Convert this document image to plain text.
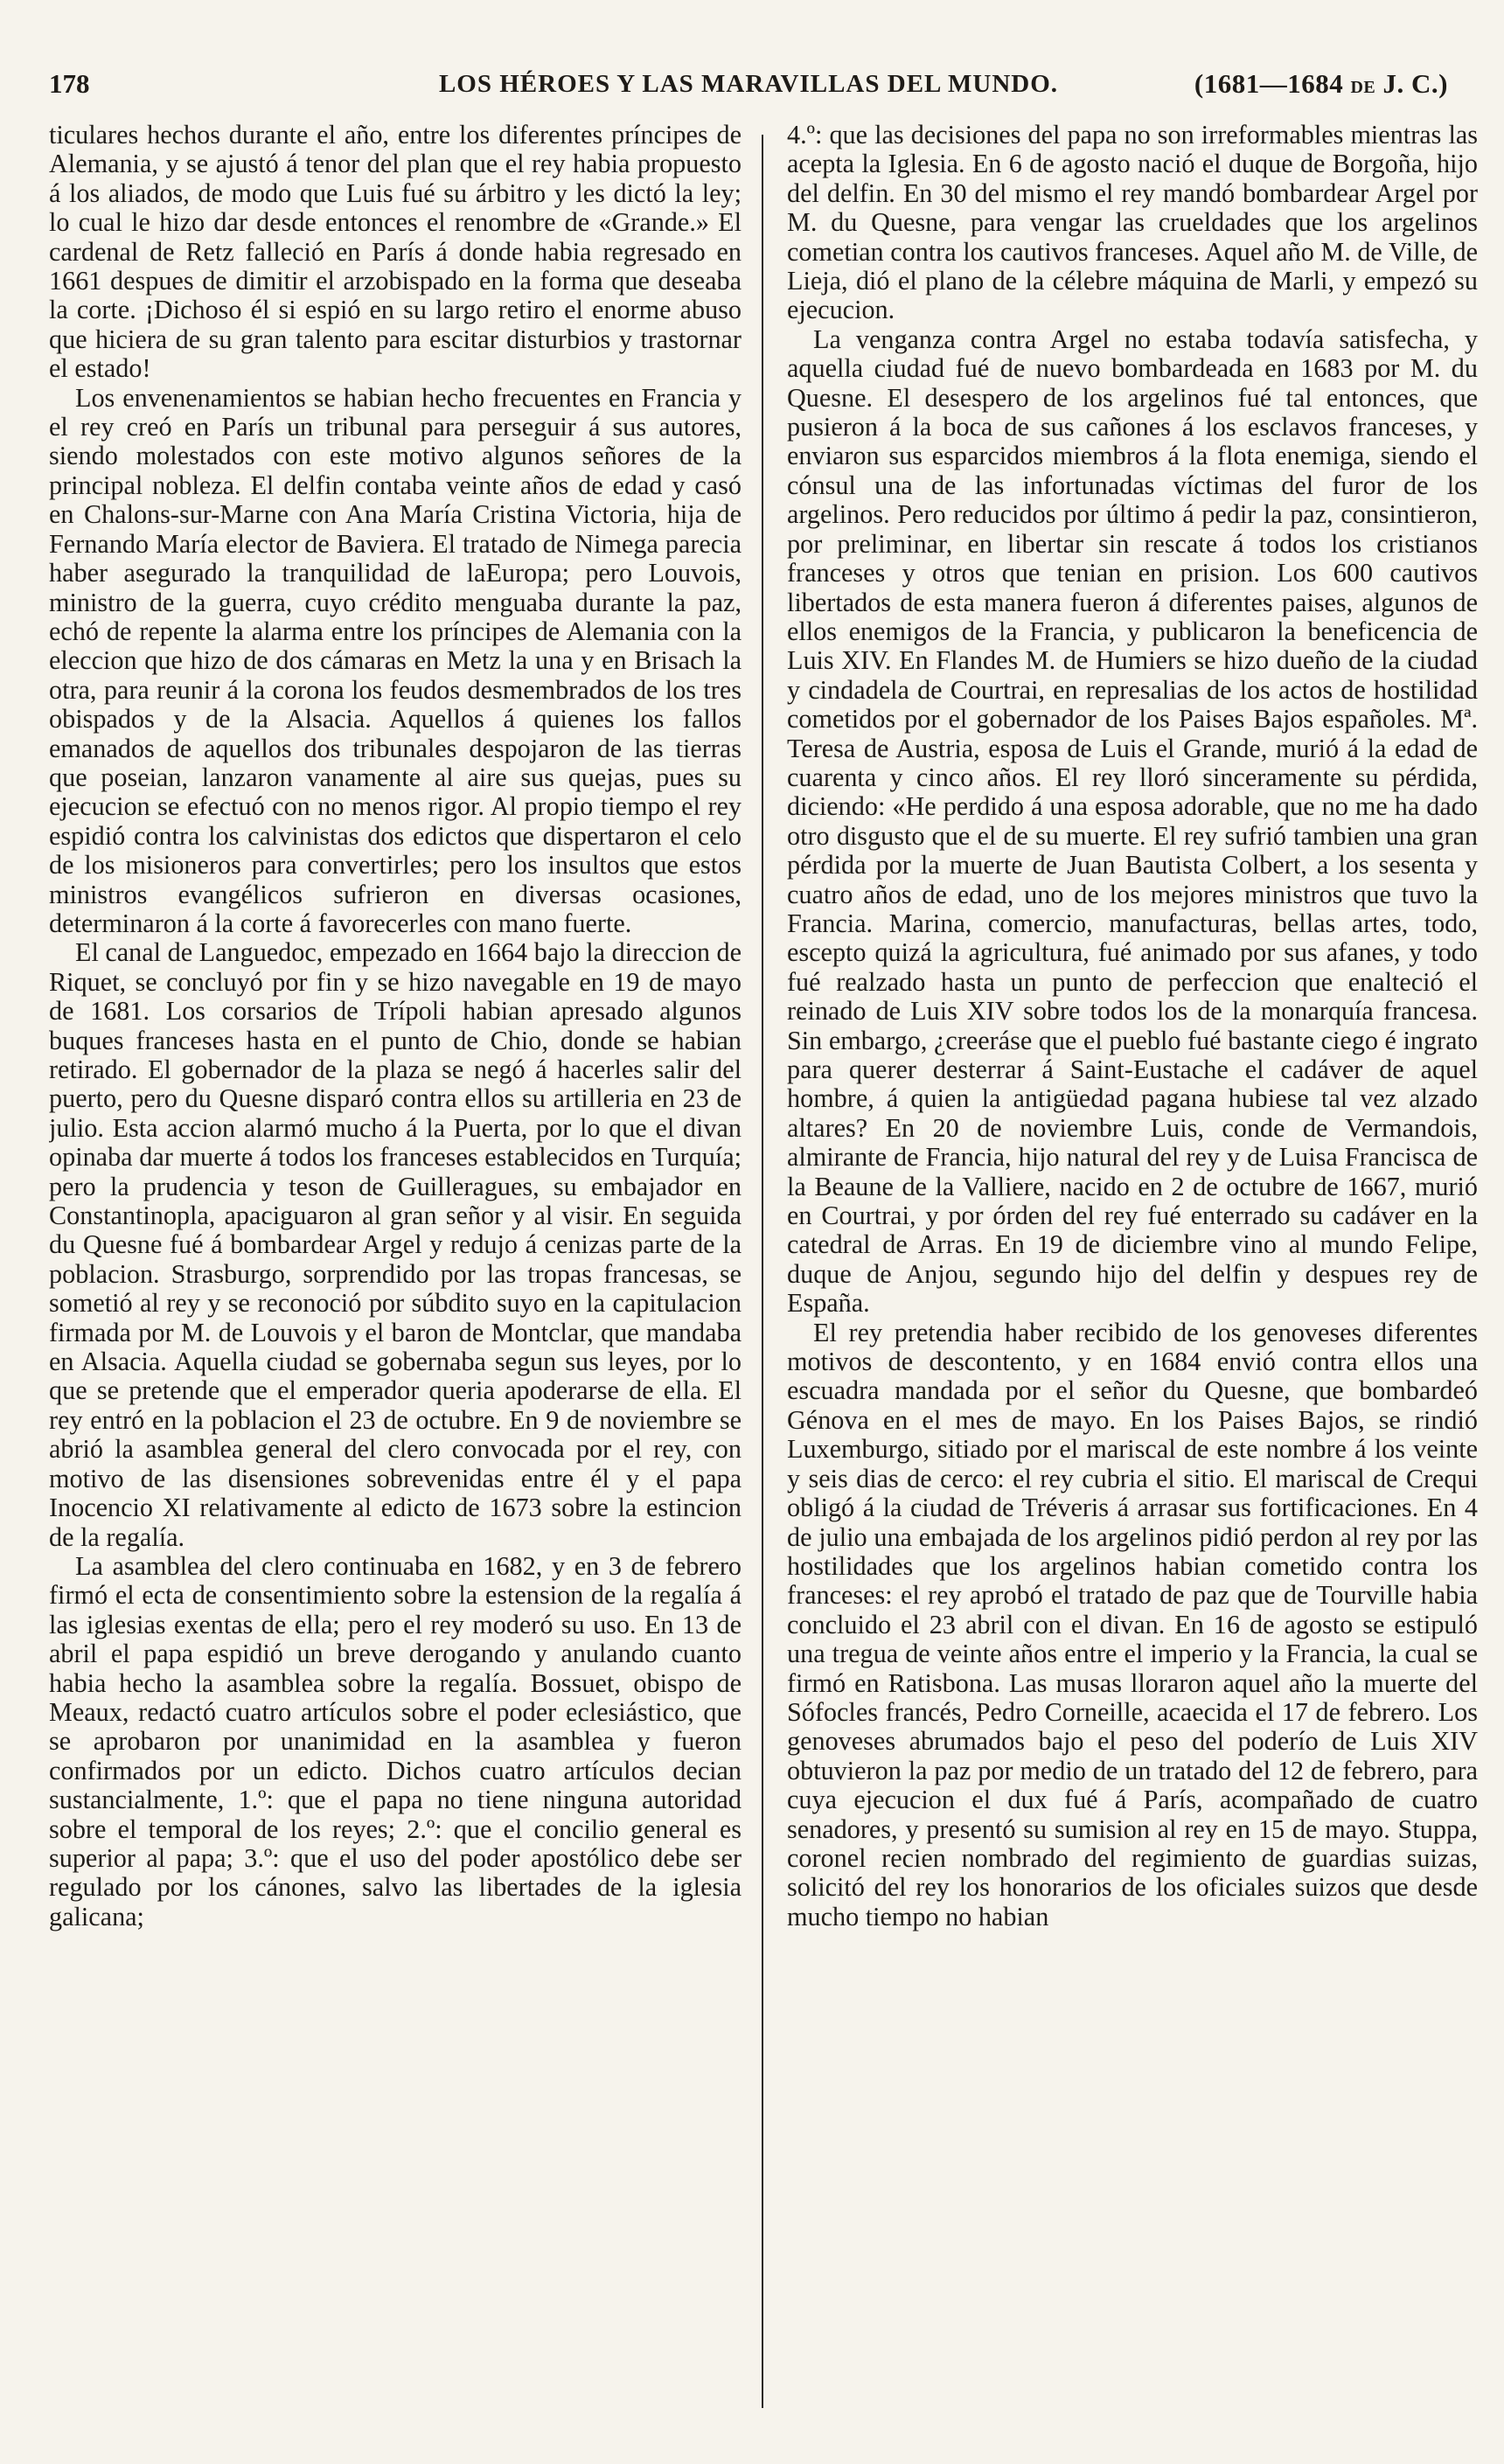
178	LOS HÉROES Y LAS MARAVILLAS DEL MUNDO.	(1681—1684 DE J. C.)

ticulares hechos durante el año, entre los diferentes príncipes de Alemania, y se ajustó á tenor del plan que el rey habia propuesto á los aliados, de modo que Luis fué su árbitro y les dictó la ley; lo cual le hizo dar desde entonces el renombre de «Grande.» El cardenal de Retz falleció en París á donde habia regresado en 1661 despues de dimitir el arzobispado en la forma que deseaba la corte. ¡Dichoso él si espió en su largo retiro el enorme abuso que hiciera de su gran talento para escitar disturbios y trastornar el estado!

Los envenenamientos se habian hecho frecuentes en Francia y el rey creó en París un tribunal para perseguir á sus autores, siendo molestados con este motivo algunos señores de la principal nobleza. El delfin contaba veinte años de edad y casó en Chalons-sur-Marne con Ana María Cristina Victoria, hija de Fernando María elector de Baviera. El tratado de Nimega parecia haber asegurado la tranquilidad de laEuropa; pero Louvois, ministro de la guerra, cuyo crédito menguaba durante la paz, echó de repente la alarma entre los príncipes de Alemania con la eleccion que hizo de dos cámaras en Metz la una y en Brisach la otra, para reunir á la corona los feudos desmembrados de los tres obispados y de la Alsacia. Aquellos á quienes los fallos emanados de aquellos dos tribunales despojaron de las tierras que poseian, lanzaron vanamente al aire sus quejas, pues su ejecucion se efectuó con no menos rigor. Al propio tiempo el rey espidió contra los calvinistas dos edictos que dispertaron el celo de los misioneros para convertirles; pero los insultos que estos ministros evangélicos sufrieron en diversas ocasiones, determinaron á la corte á favorecerles con mano fuerte.

El canal de Languedoc, empezado en 1664 bajo la direccion de Riquet, se concluyó por fin y se hizo navegable en 19 de mayo de 1681. Los corsarios de Trípoli habian apresado algunos buques franceses hasta en el punto de Chio, donde se habian retirado. El gobernador de la plaza se negó á hacerles salir del puerto, pero du Quesne disparó contra ellos su artilleria en 23 de julio. Esta accion alarmó mucho á la Puerta, por lo que el divan opinaba dar muerte á todos los franceses establecidos en Turquía; pero la prudencia y teson de Guilleragues, su embajador en Constantinopla, apaciguaron al gran señor y al visir. En seguida du Quesne fué á bombardear Argel y redujo á cenizas parte de la poblacion. Strasburgo, sorprendido por las tropas francesas, se sometió al rey y se reconoció por súbdito suyo en la capitulacion firmada por M. de Louvois y el baron de Montclar, que mandaba en Alsacia. Aquella ciudad se gobernaba segun sus leyes, por lo que se pretende que el emperador queria apoderarse de ella. El rey entró en la poblacion el 23 de octubre. En 9 de noviembre se abrió la asamblea general del clero convocada por el rey, con motivo de las disensiones sobrevenidas entre él y el papa Inocencio XI relativamente al edicto de 1673 sobre la estincion de la regalía.

La asamblea del clero continuaba en 1682, y en 3 de febrero firmó el ecta de consentimiento sobre la estension de la regalía á las iglesias exentas de ella; pero el rey moderó su uso. En 13 de abril el papa espidió un breve derogando y anulando cuanto habia hecho la asamblea sobre la regalía. Bossuet, obispo de Meaux, redactó cuatro artículos sobre el poder eclesiástico, que se aprobaron por unanimidad en la asamblea y fueron confirmados por un edicto. Dichos cuatro artículos decian sustancialmente, 1.º: que el papa no tiene ninguna autoridad sobre el temporal de los reyes; 2.º: que el concilio general es superior al papa; 3.º: que el uso del poder apostólico debe ser regulado por los cánones, salvo las libertades de la iglesia galicana;

4.º: que las decisiones del papa no son irreformables mientras las acepta la Iglesia. En 6 de agosto nació el duque de Borgoña, hijo del delfin. En 30 del mismo el rey mandó bombardear Argel por M. du Quesne, para vengar las crueldades que los argelinos cometian contra los cautivos franceses. Aquel año M. de Ville, de Lieja, dió el plano de la célebre máquina de Marli, y empezó su ejecucion.

La venganza contra Argel no estaba todavía satisfecha, y aquella ciudad fué de nuevo bombardeada en 1683 por M. du Quesne. El desespero de los argelinos fué tal entonces, que pusieron á la boca de sus cañones á los esclavos franceses, y enviaron sus esparcidos miembros á la flota enemiga, siendo el cónsul una de las infortunadas víctimas del furor de los argelinos. Pero reducidos por último á pedir la paz, consintieron, por preliminar, en libertar sin rescate á todos los cristianos franceses y otros que tenian en prision. Los 600 cautivos libertados de esta manera fueron á diferentes paises, algunos de ellos enemigos de la Francia, y publicaron la beneficencia de Luis XIV. En Flandes M. de Humiers se hizo dueño de la ciudad y cindadela de Courtrai, en represalias de los actos de hostilidad cometidos por el gobernador de los Paises Bajos españoles. Mª. Teresa de Austria, esposa de Luis el Grande, murió á la edad de cuarenta y cinco años. El rey lloró sinceramente su pérdida, diciendo: «He perdido á una esposa adorable, que no me ha dado otro disgusto que el de su muerte. El rey sufrió tambien una gran pérdida por la muerte de Juan Bautista Colbert, a los sesenta y cuatro años de edad, uno de los mejores ministros que tuvo la Francia. Marina, comercio, manufacturas, bellas artes, todo, escepto quizá la agricultura, fué animado por sus afanes, y todo fué realzado hasta un punto de perfeccion que enalteció el reinado de Luis XIV sobre todos los de la monarquía francesa. Sin embargo, ¿creeráse que el pueblo fué bastante ciego é ingrato para querer desterrar á Saint-Eustache el cadáver de aquel hombre, á quien la antigüedad pagana hubiese tal vez alzado altares? En 20 de noviembre Luis, conde de Vermandois, almirante de Francia, hijo natural del rey y de Luisa Francisca de la Beaune de la Valliere, nacido en 2 de octubre de 1667, murió en Courtrai, y por órden del rey fué enterrado su cadáver en la catedral de Arras. En 19 de diciembre vino al mundo Felipe, duque de Anjou, segundo hijo del delfin y despues rey de España.

El rey pretendia haber recibido de los genoveses diferentes motivos de descontento, y en 1684 envió contra ellos una escuadra mandada por el señor du Quesne, que bombardeó Génova en el mes de mayo. En los Paises Bajos, se rindió Luxemburgo, sitiado por el mariscal de este nombre á los veinte y seis dias de cerco: el rey cubria el sitio. El mariscal de Crequi obligó á la ciudad de Tréveris á arrasar sus fortificaciones. En 4 de julio una embajada de los argelinos pidió perdon al rey por las hostilidades que los argelinos habian cometido contra los franceses: el rey aprobó el tratado de paz que de Tourville habia concluido el 23 abril con el divan. En 16 de agosto se estipuló una tregua de veinte años entre el imperio y la Francia, la cual se firmó en Ratisbona. Las musas lloraron aquel año la muerte del Sófocles francés, Pedro Corneille, acaecida el 17 de febrero. Los genoveses abrumados bajo el peso del poderío de Luis XIV obtuvieron la paz por medio de un tratado del 12 de febrero, para cuya ejecucion el dux fué á París, acompañado de cuatro senadores, y presentó su sumision al rey en 15 de mayo. Stuppa, coronel recien nombrado del regimiento de guardias suizas, solicitó del rey los honorarios de los oficiales suizos que desde mucho tiempo no habian
